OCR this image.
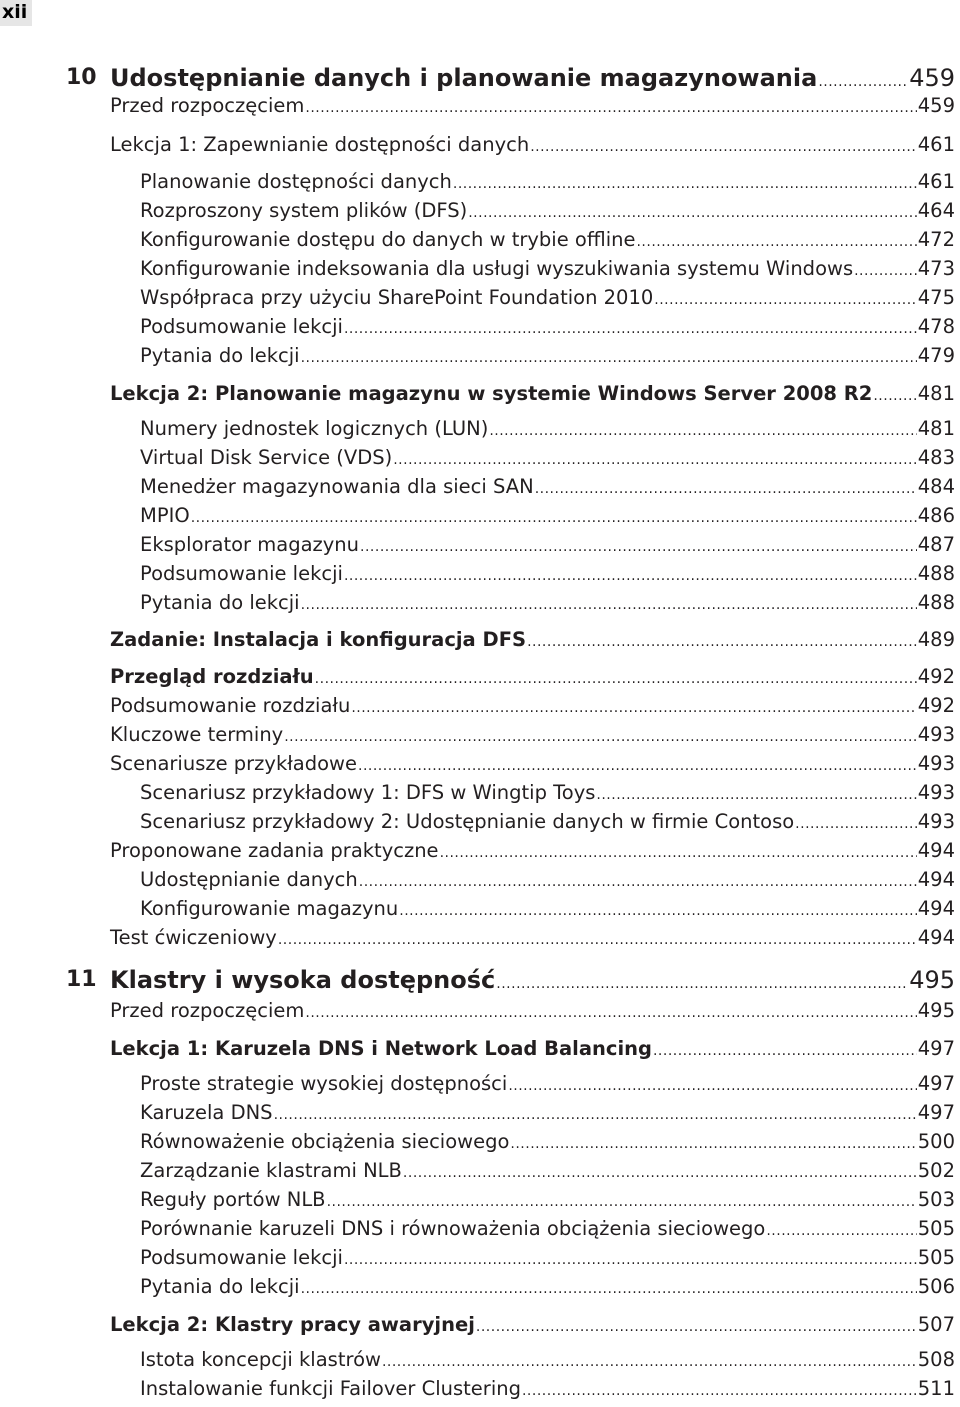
xii
10 Udostępnianie danych i planowanie magazynowania .....	459
Przed rozpoczęciem .....	459
Lekcja 1: Zapewnianie dostępności danych .....	461
Planowanie dostępności danych .....	461
Rozproszony system plików (DFS) .....	464
Konfigurowanie dostępu do danych w trybie offline .....	472
Konfigurowanie indeksowania dla usługi wyszukiwania systemu Windows .....	473
Współpraca przy użyciu SharePoint Foundation 2010 .....	475
Podsumowanie lekcji .....	478
Pytania do lekcji .....	479
Lekcja 2: Planowanie magazynu w systemie Windows Server 2008 R2 ..... 481
Numery jednostek logicznych (LUN) .....	481
Virtual Disk Service (VDS) .....	483
Menedżer magazynowania dla sieci SAN .....	484
MPIO .....	486
Eksplorator magazynu .....	487
Podsumowanie lekcji .....	488
Pytania do lekcji .....	488
Zadanie: Instalacja i konfiguracja DFS .....	489
Przegląd rozdziału .....	492
Podsumowanie rozdziału .....	492
Kluczowe terminy .....	493
Scenariusze przykładowe .....	493
Scenariusz przykładowy 1: DFS w Wingtip Toys .....	493
Scenariusz przykładowy 2: Udostępnianie danych w firmie Contoso .....	493
Proponowane zadania praktyczne .....	494
Udostępnianie danych .....	494
Konfigurowanie magazynu .....	494
Test ćwiczeniowy .....	494
11 Klastry i wysoka dostępność .....	495
Przed rozpoczęciem .....	495
Lekcja 1: Karuzela DNS i Network Load Balancing .....	497
Proste strategie wysokiej dostępności .....	497
Karuzela DNS .....	497
Równoważenie obciążenia sieciowego .....	500
Zarządzanie klastrami NLB .....	502
Reguły portów NLB .....	503
Porównanie karuzeli DNS i równoważenia obciążenia sieciowego .....	505
Podsumowanie lekcji .....	505
Pytania do lekcji .....	506
Lekcja 2: Klastry pracy awaryjnej .....	507
Istota koncepcji klastrów .....	508
Instalowanie funkcji Failover Clustering .....	511
